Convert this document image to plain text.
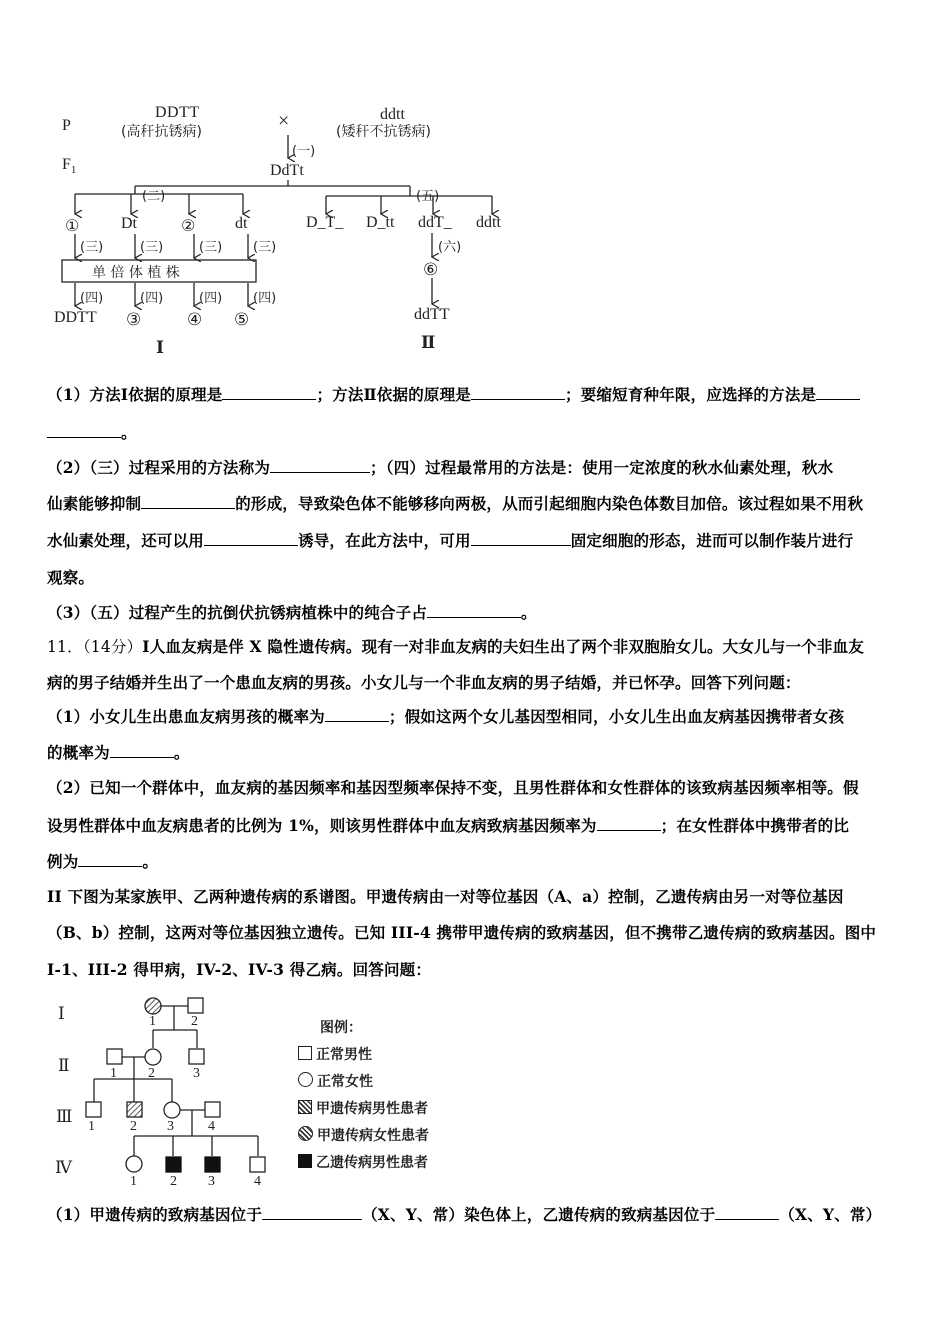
P
$F_1$
DDTT
(高秆抗锈病)	×	ddtt
(矮秆不抗锈病)
(一)
DdTt
(二)	(五)
①	Dt	② dt	D_T_ D_tt ddT_ ddtt
(三)	(三)	(三) (三)	(六)
单 倍 体 植 株	⑥
(四)	(四)	(四) (四)
DDTT ③	④ ⑤	ddTT
Ⅰ	Ⅱ
（1）方法Ⅰ依据的原理是	；方法Ⅱ依据的原理是	；要缩短育种年限，应选择的方法是
。
（2）（三）过程采用的方法称为	；（四）过程最常用的方法是：使用一定浓度的秋水仙素处理，秋水
仙素能够抑制	的形成，导致染色体不能够移向两极，从而引起细胞内染色体数目加倍。该过程如果不用秋
水仙素处理，还可以用	诱导，在此方法中，可用	固定细胞的形态，进而可以制作装片进行
观察。
（3）（五）过程产生的抗倒伏抗锈病植株中的纯合子占	。
11．（14分）Ⅰ人血友病是伴 X 隐性遗传病。现有一对非血友病的夫妇生出了两个非双胞胎女儿。大女儿与一个非血友
病的男子结婚并生出了一个患血友病的男孩。小女儿与一个非血友病的男子结婚，并已怀孕。回答下列问题：
（1）小女儿生出患血友病男孩的概率为	；假如这两个女儿基因型相同，小女儿生出血友病基因携带者女孩
的概率为	。
（2）已知一个群体中，血友病的基因频率和基因型频率保持不变，且男性群体和女性群体的该致病基因频率相等。假
设男性群体中血友病患者的比例为 1%，则该男性群体中血友病致病基因频率为	；在女性群体中携带者的比
例为	。
II 下图为某家族甲、乙两种遗传病的系谱图。甲遗传病由一对等位基因（A、a）控制，乙遗传病由另一对等位基因
（B、b）控制，这两对等位基因独立遗传。已知 III-4 携带甲遗传病的致病基因，但不携带乙遗传病的致病基因。图中
I-1、III-2 得甲病，IV-2、IV-3 得乙病。回答问题：
Ⅰ
Ⅱ
Ⅲ
Ⅳ
1	2
1 2	3
1	2 3 4
1 2 3	4
图例：
正常男性
正常女性
甲遗传病男性患者
甲遗传病女性患者
乙遗传病男性患者
（1）甲遗传病的致病基因位于	（X、Y、常）染色体上，乙遗传病的致病基因位于	（X、Y、常）
